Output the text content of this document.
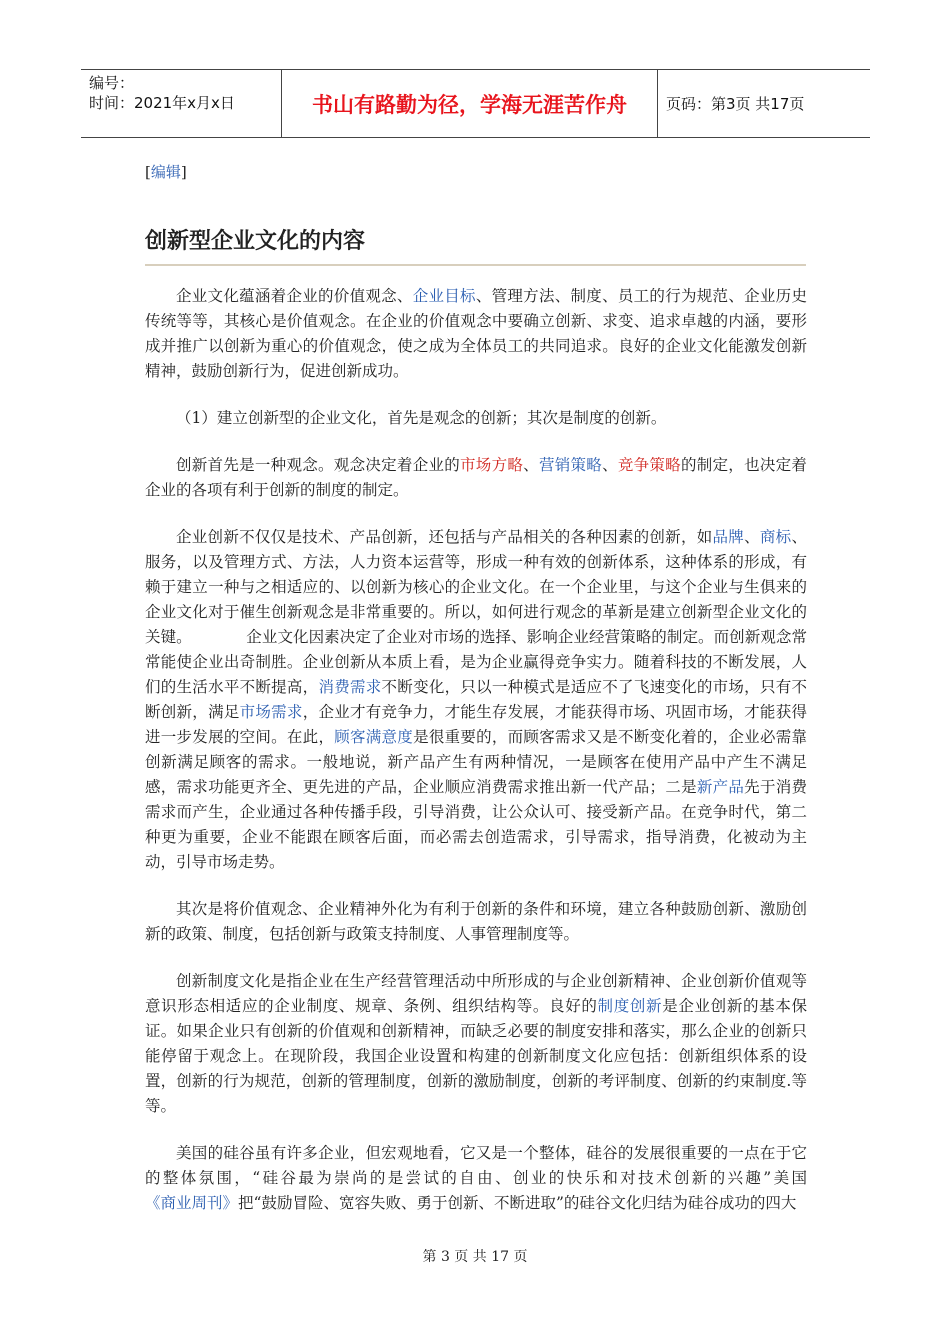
编号：
时间：2021年x月x日	书山有路勤为径，学海无涯苦作舟	页码：第3页 共17页
[编辑]
创新型企业文化的内容

企业文化蕴涵着企业的价值观念、企业目标、管理方法、制度、员工的行为规范、企业历史传统等等，其核心是价值观念。在企业的价值观念中要确立创新、求变、追求卓越的内涵，要形成并推广以创新为重心的价值观念，使之成为全体员工的共同追求。良好的企业文化能激发创新精神，鼓励创新行为，促进创新成功。

（1）建立创新型的企业文化，首先是观念的创新；其次是制度的创新。

创新首先是一种观念。观念决定着企业的市场方略、营销策略、竞争策略的制定，也决定着企业的各项有利于创新的制度的制定。

企业创新不仅仅是技术、产品创新，还包括与产品相关的各种因素的创新，如品牌、商标、服务，以及管理方式、方法，人力资本运营等，形成一种有效的创新体系，这种体系的形成，有赖于建立一种与之相适应的、以创新为核心的企业文化。在一个企业里，与这个企业与生俱来的企业文化对于催生创新观念是非常重要的。所以，如何进行观念的革新是建立创新型企业文化的关键。　　　　企业文化因素决定了企业对市场的选择、影响企业经营策略的制定。而创新观念常常能使企业出奇制胜。企业创新从本质上看，是为企业赢得竞争实力。随着科技的不断发展，人们的生活水平不断提高，消费需求不断变化，只以一种模式是适应不了飞速变化的市场，只有不断创新，满足市场需求，企业才有竞争力，才能生存发展，才能获得市场、巩固市场，才能获得进一步发展的空间。在此，顾客满意度是很重要的，而顾客需求又是不断变化着的，企业必需靠创新满足顾客的需求。一般地说，新产品产生有两种情况，一是顾客在使用产品中产生不满足感，需求功能更齐全、更先进的产品，企业顺应消费需求推出新一代产品；二是新产品先于消费需求而产生，企业通过各种传播手段，引导消费，让公众认可、接受新产品。在竞争时代，第二种更为重要，企业不能跟在顾客后面，而必需去创造需求，引导需求，指导消费，化被动为主动，引导市场走势。

其次是将价值观念、企业精神外化为有利于创新的条件和环境，建立各种鼓励创新、激励创新的政策、制度，包括创新与政策支持制度、人事管理制度等。

创新制度文化是指企业在生产经营管理活动中所形成的与企业创新精神、企业创新价值观等意识形态相适应的企业制度、规章、条例、组织结构等。良好的制度创新是企业创新的基本保证。如果企业只有创新的价值观和创新精神，而缺乏必要的制度安排和落实，那么企业的创新只能停留于观念上。在现阶段，我国企业设置和构建的创新制度文化应包括：创新组织体系的设置，创新的行为规范，创新的管理制度，创新的激励制度，创新的考评制度、创新的约束制度.等等。

美国的硅谷虽有许多企业，但宏观地看，它又是一个整体，硅谷的发展很重要的一点在于它的整体氛围，“硅谷最为崇尚的是尝试的自由、创业的快乐和对技术创新的兴趣”美国《商业周刊》把“鼓励冒险、宽容失败、勇于创新、不断进取”的硅谷文化归结为硅谷成功的四大

第 3 页 共 17 页
